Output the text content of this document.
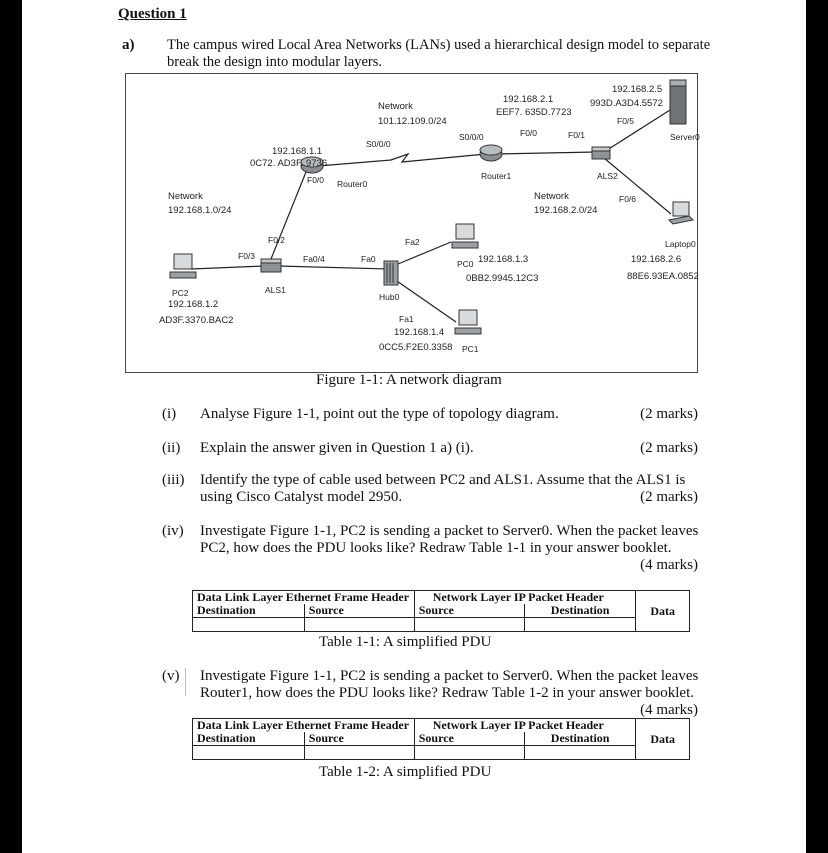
Question 1
a) The campus wired Local Area Networks (LANs) used a hierarchical design model to separate break the design into modular layers.
Network
101.12.109.0/24
S0/0/0
S0/0/0
192.168.1.1
0C72. AD3F. 9736
F0/0 Router0
192.168.2.1
EEF7. 635D.7723
F0/0
Router1
F0/1
ALS2
F0/5
F0/6
192.168.2.5
993D.A3D4.5572
Server0
Network
192.168.1.0/24
Network
192.168.2.0/24
F0/2
F0/3	Fa0/4
ALS1
Fa0
Fa2
Fa1
Hub0
PC0 192.168.1.3
0BB2.9945.12C3
192.168.1.4
0CC5.F2E0.3358 PC1
PC2
192.168.1.2
AD3F.3370.BAC2
Laptop0
192.168.2.6
88E6.93EA.0852
Figure 1-1: A network diagram
(i) Analyse Figure 1-1, point out the type of topology diagram.	(2 marks)
(ii) Explain the answer given in Question 1 a) (i).	(2 marks)
(iii) Identify the type of cable used between PC2 and ALS1. Assume that the ALS1 is using Cisco Catalyst model 2950.	(2 marks)
(iv) Investigate Figure 1-1, PC2 is sending a packet to Server0. When the packet leaves PC2, how does the PDU looks like? Redraw Table 1-1 in your answer booklet.
(4 marks)
Data Link Layer Ethernet Frame Header		Network Layer IP Packet Header		Data
Destination	Source	Source	Destination	

Table 1-1: A simplified PDU
(v) Investigate Figure 1-1, PC2 is sending a packet to Server0. When the packet leaves Router1, how does the PDU looks like? Redraw Table 1-2 in your answer booklet.
(4 marks)
Data Link Layer Ethernet Frame Header		Network Layer IP Packet Header		Data
Destination	Source	Source	Destination	

Table 1-2: A simplified PDU
